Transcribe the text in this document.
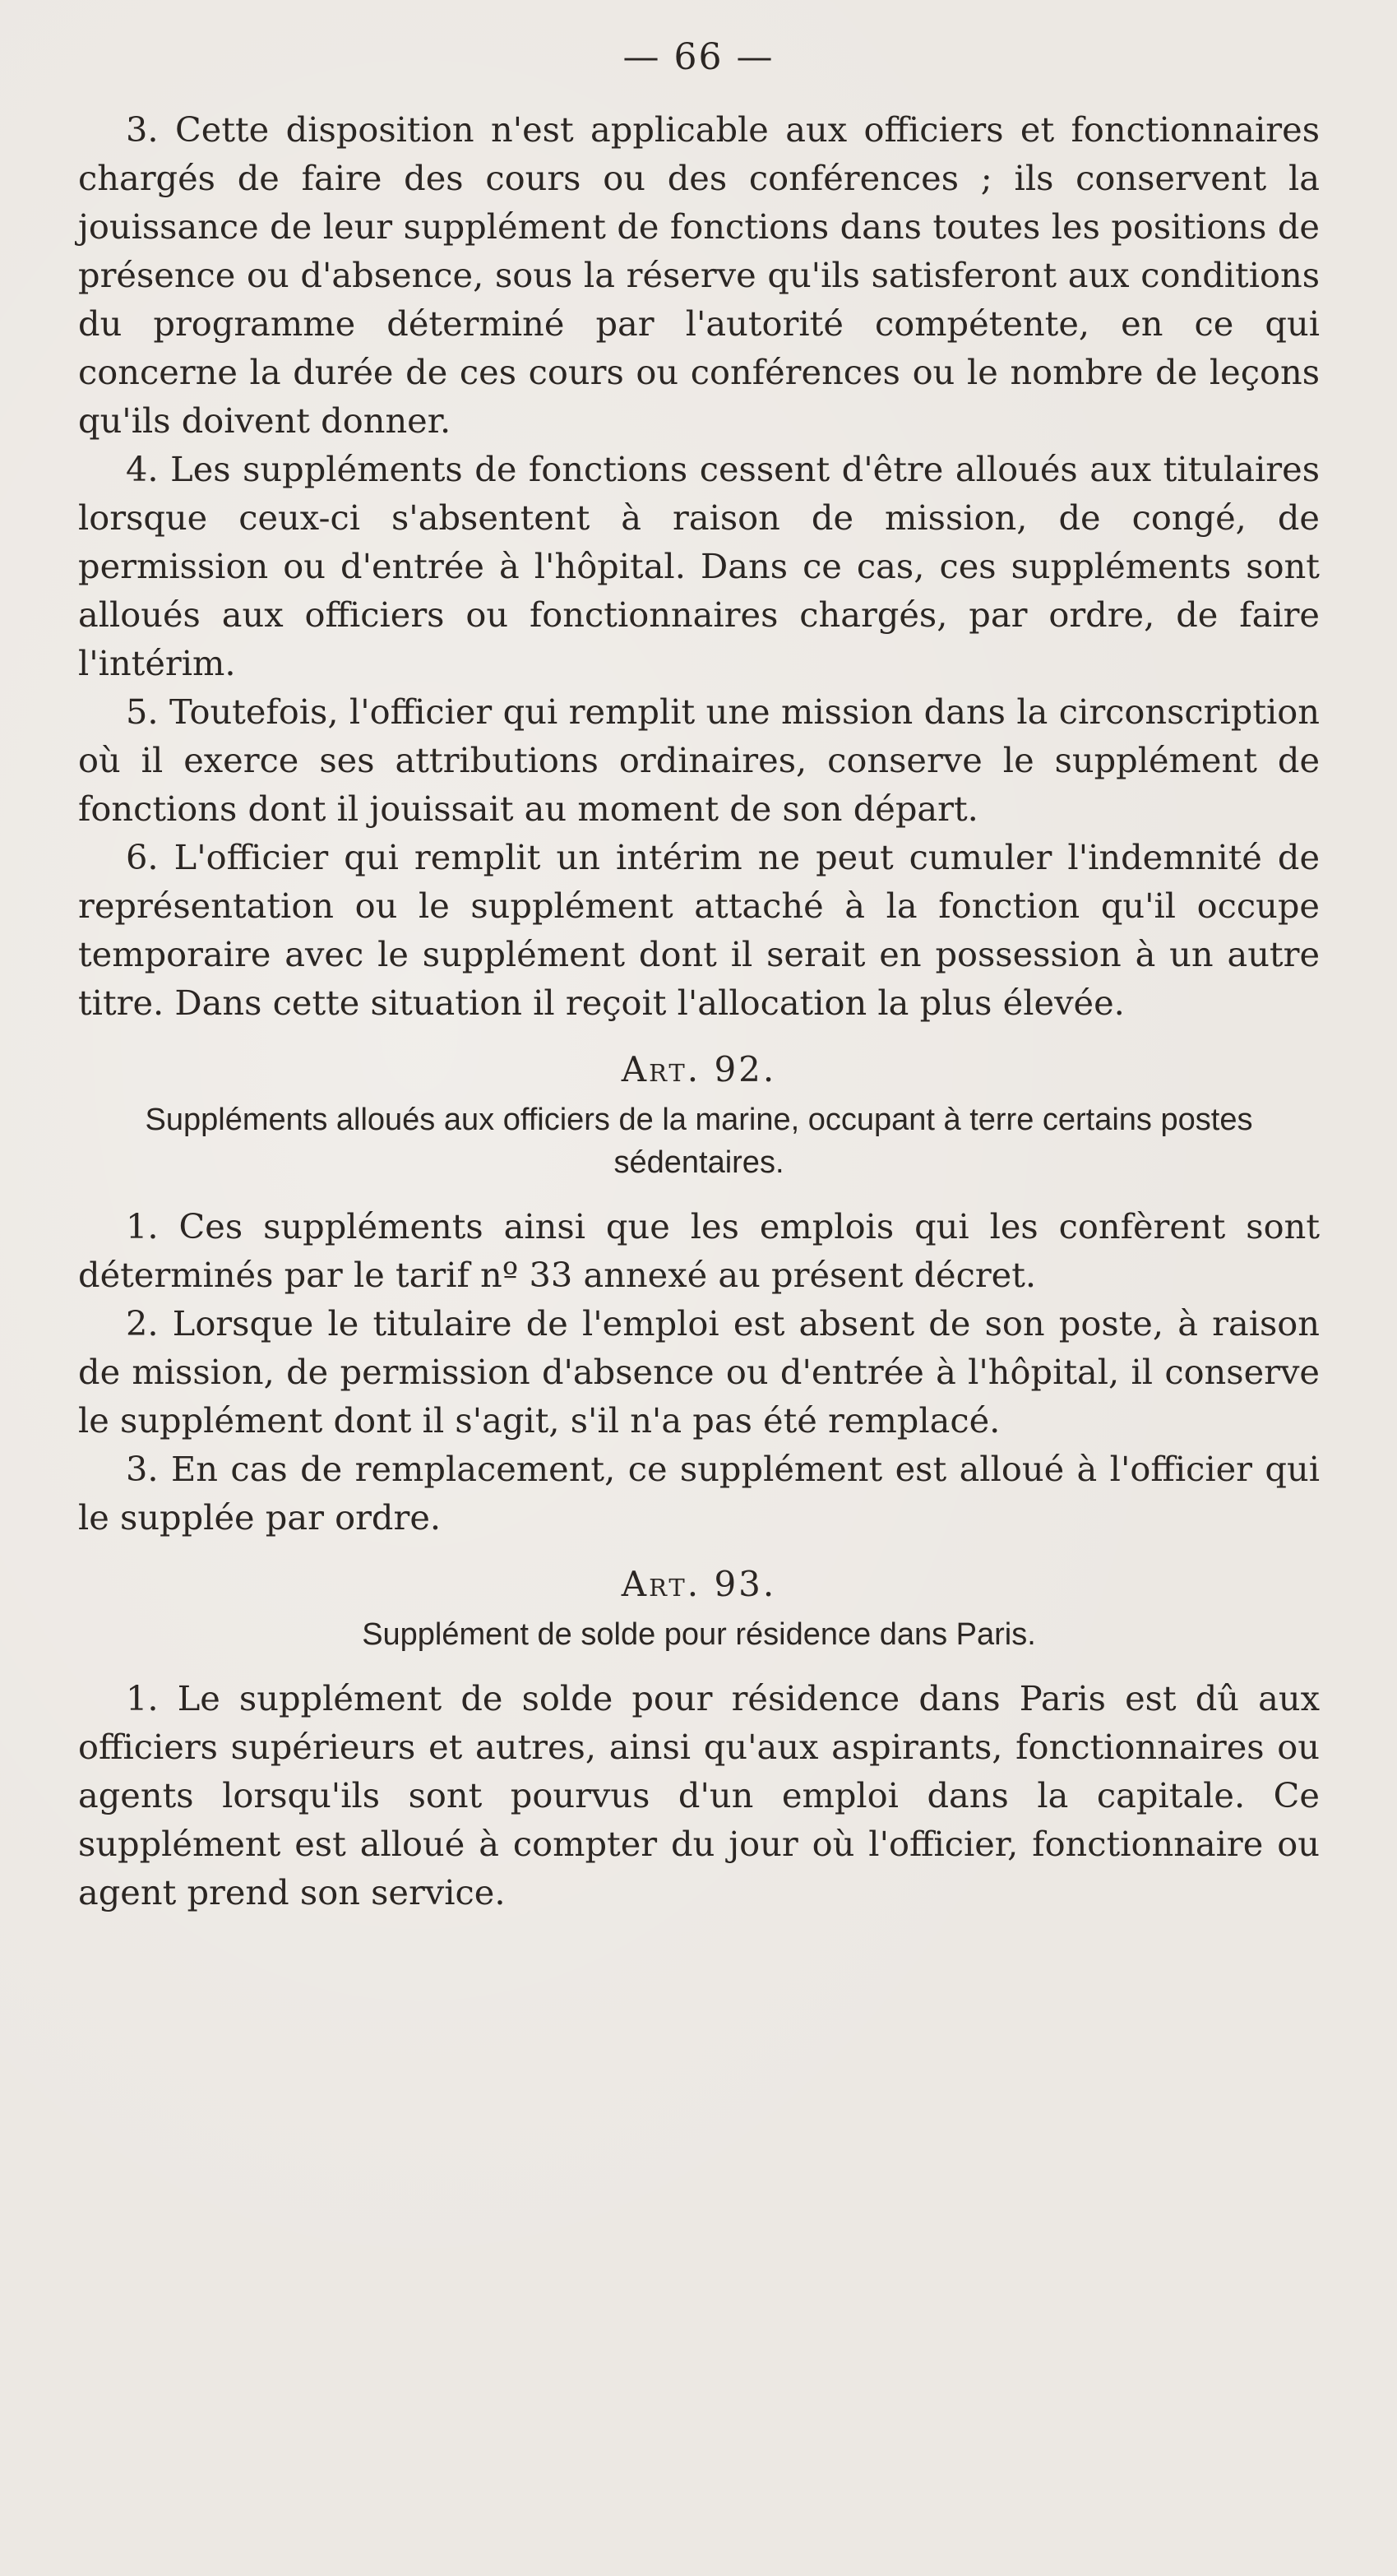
— 66 —

3. Cette disposition n'est applicable aux officiers et fonctionnaires chargés de faire des cours ou des conférences ; ils conservent la jouissance de leur supplément de fonctions dans toutes les positions de présence ou d'absence, sous la réserve qu'ils satisferont aux conditions du programme déterminé par l'autorité compétente, en ce qui concerne la durée de ces cours ou conférences ou le nombre de leçons qu'ils doivent donner.

4. Les suppléments de fonctions cessent d'être alloués aux titulaires lorsque ceux-ci s'absentent à raison de mission, de congé, de permission ou d'entrée à l'hôpital. Dans ce cas, ces suppléments sont alloués aux officiers ou fonctionnaires chargés, par ordre, de faire l'intérim.

5. Toutefois, l'officier qui remplit une mission dans la circonscription où il exerce ses attributions ordinaires, conserve le supplément de fonctions dont il jouissait au moment de son départ.

6. L'officier qui remplit un intérim ne peut cumuler l'indemnité de représentation ou le supplément attaché à la fonction qu'il occupe temporaire avec le supplément dont il serait en possession à un autre titre. Dans cette situation il reçoit l'allocation la plus élevée.

Art. 92.
Suppléments alloués aux officiers de la marine, occupant à terre certains postes sédentaires.

1. Ces suppléments ainsi que les emplois qui les confèrent sont déterminés par le tarif nº 33 annexé au présent décret.

2. Lorsque le titulaire de l'emploi est absent de son poste, à raison de mission, de permission d'absence ou d'entrée à l'hôpital, il conserve le supplément dont il s'agit, s'il n'a pas été remplacé.

3. En cas de remplacement, ce supplément est alloué à l'officier qui le supplée par ordre.

Art. 93.
Supplément de solde pour résidence dans Paris.

1. Le supplément de solde pour résidence dans Paris est dû aux officiers supérieurs et autres, ainsi qu'aux aspirants, fonctionnaires ou agents lorsqu'ils sont pourvus d'un emploi dans la capitale. Ce supplément est alloué à compter du jour où l'officier, fonctionnaire ou agent prend son service.
